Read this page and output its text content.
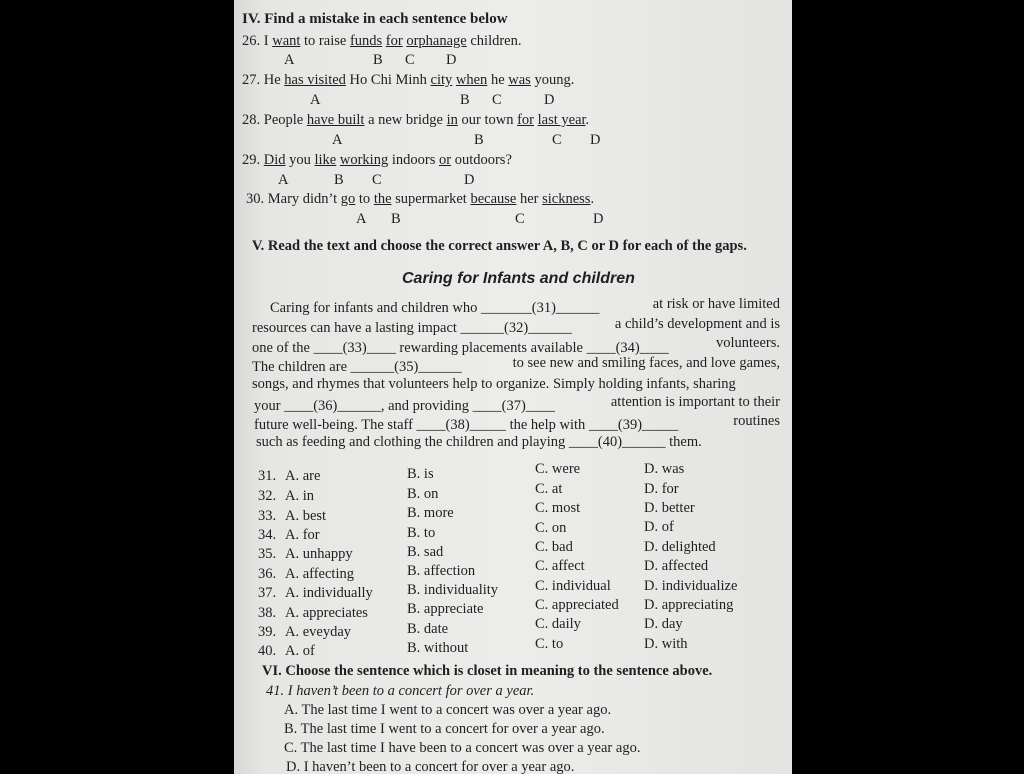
IV. Find a mistake in each sentence below
26. I want to raise funds for orphanage children.
A	B C D
27. He has visited Ho Chi Minh city when he was young.
A	B C	D
28. People have built a new bridge in our town for last year.
A	B	C D
29. Did you like working indoors or outdoors?
A	B C	D
30. Mary didn’t go to the supermarket because her sickness.
A B	C	D
V. Read the text and choose the correct answer A, B, C or D for each of the gaps.
Caring for Infants and children
Caring for infants and children who _______(31)______	at risk or have limited
resources can have a lasting impact ______(32)______	a child’s development and is
one of the ____(33)____ rewarding placements available ____(34)____	volunteers.
The children are ______(35)______	to see new and smiling faces, and love games,
songs, and rhymes that volunteers help to organize. Simply holding infants, sharing
your ____(36)______, and providing ____(37)____	attention is important to their
future well-being. The staff ____(38)_____ the help with ____(39)_____	routines
such as feeding and clothing the children and playing ____(40)______ them.
31. A. are	B. is	C. were	D. was
32. A. in	B. on	C. at	D. for
33. A. best	B. more	C. most	D. better
34. A. for	B. to	C. on	D. of
35. A. unhappy	B. sad	C. bad	D. delighted
36. A. affecting	B. affection	C. affect	D. affected
37. A. individually B. individuality	C. individual D. individualize
38. A. appreciates	B. appreciate	C. appreciated D. appreciating
39. A. eveyday	B. date	C. daily	D. day
40. A. of	B. without	C. to	D. with
VI. Choose the sentence which is closet in meaning to the sentence above.
41. I haven’t been to a concert for over a year.
A. The last time I went to a concert was over a year ago.
B. The last time I went to a concert for over a year ago.
C. The last time I have been to a concert was over a year ago.
D. I haven’t been to a concert for over a year ago.
